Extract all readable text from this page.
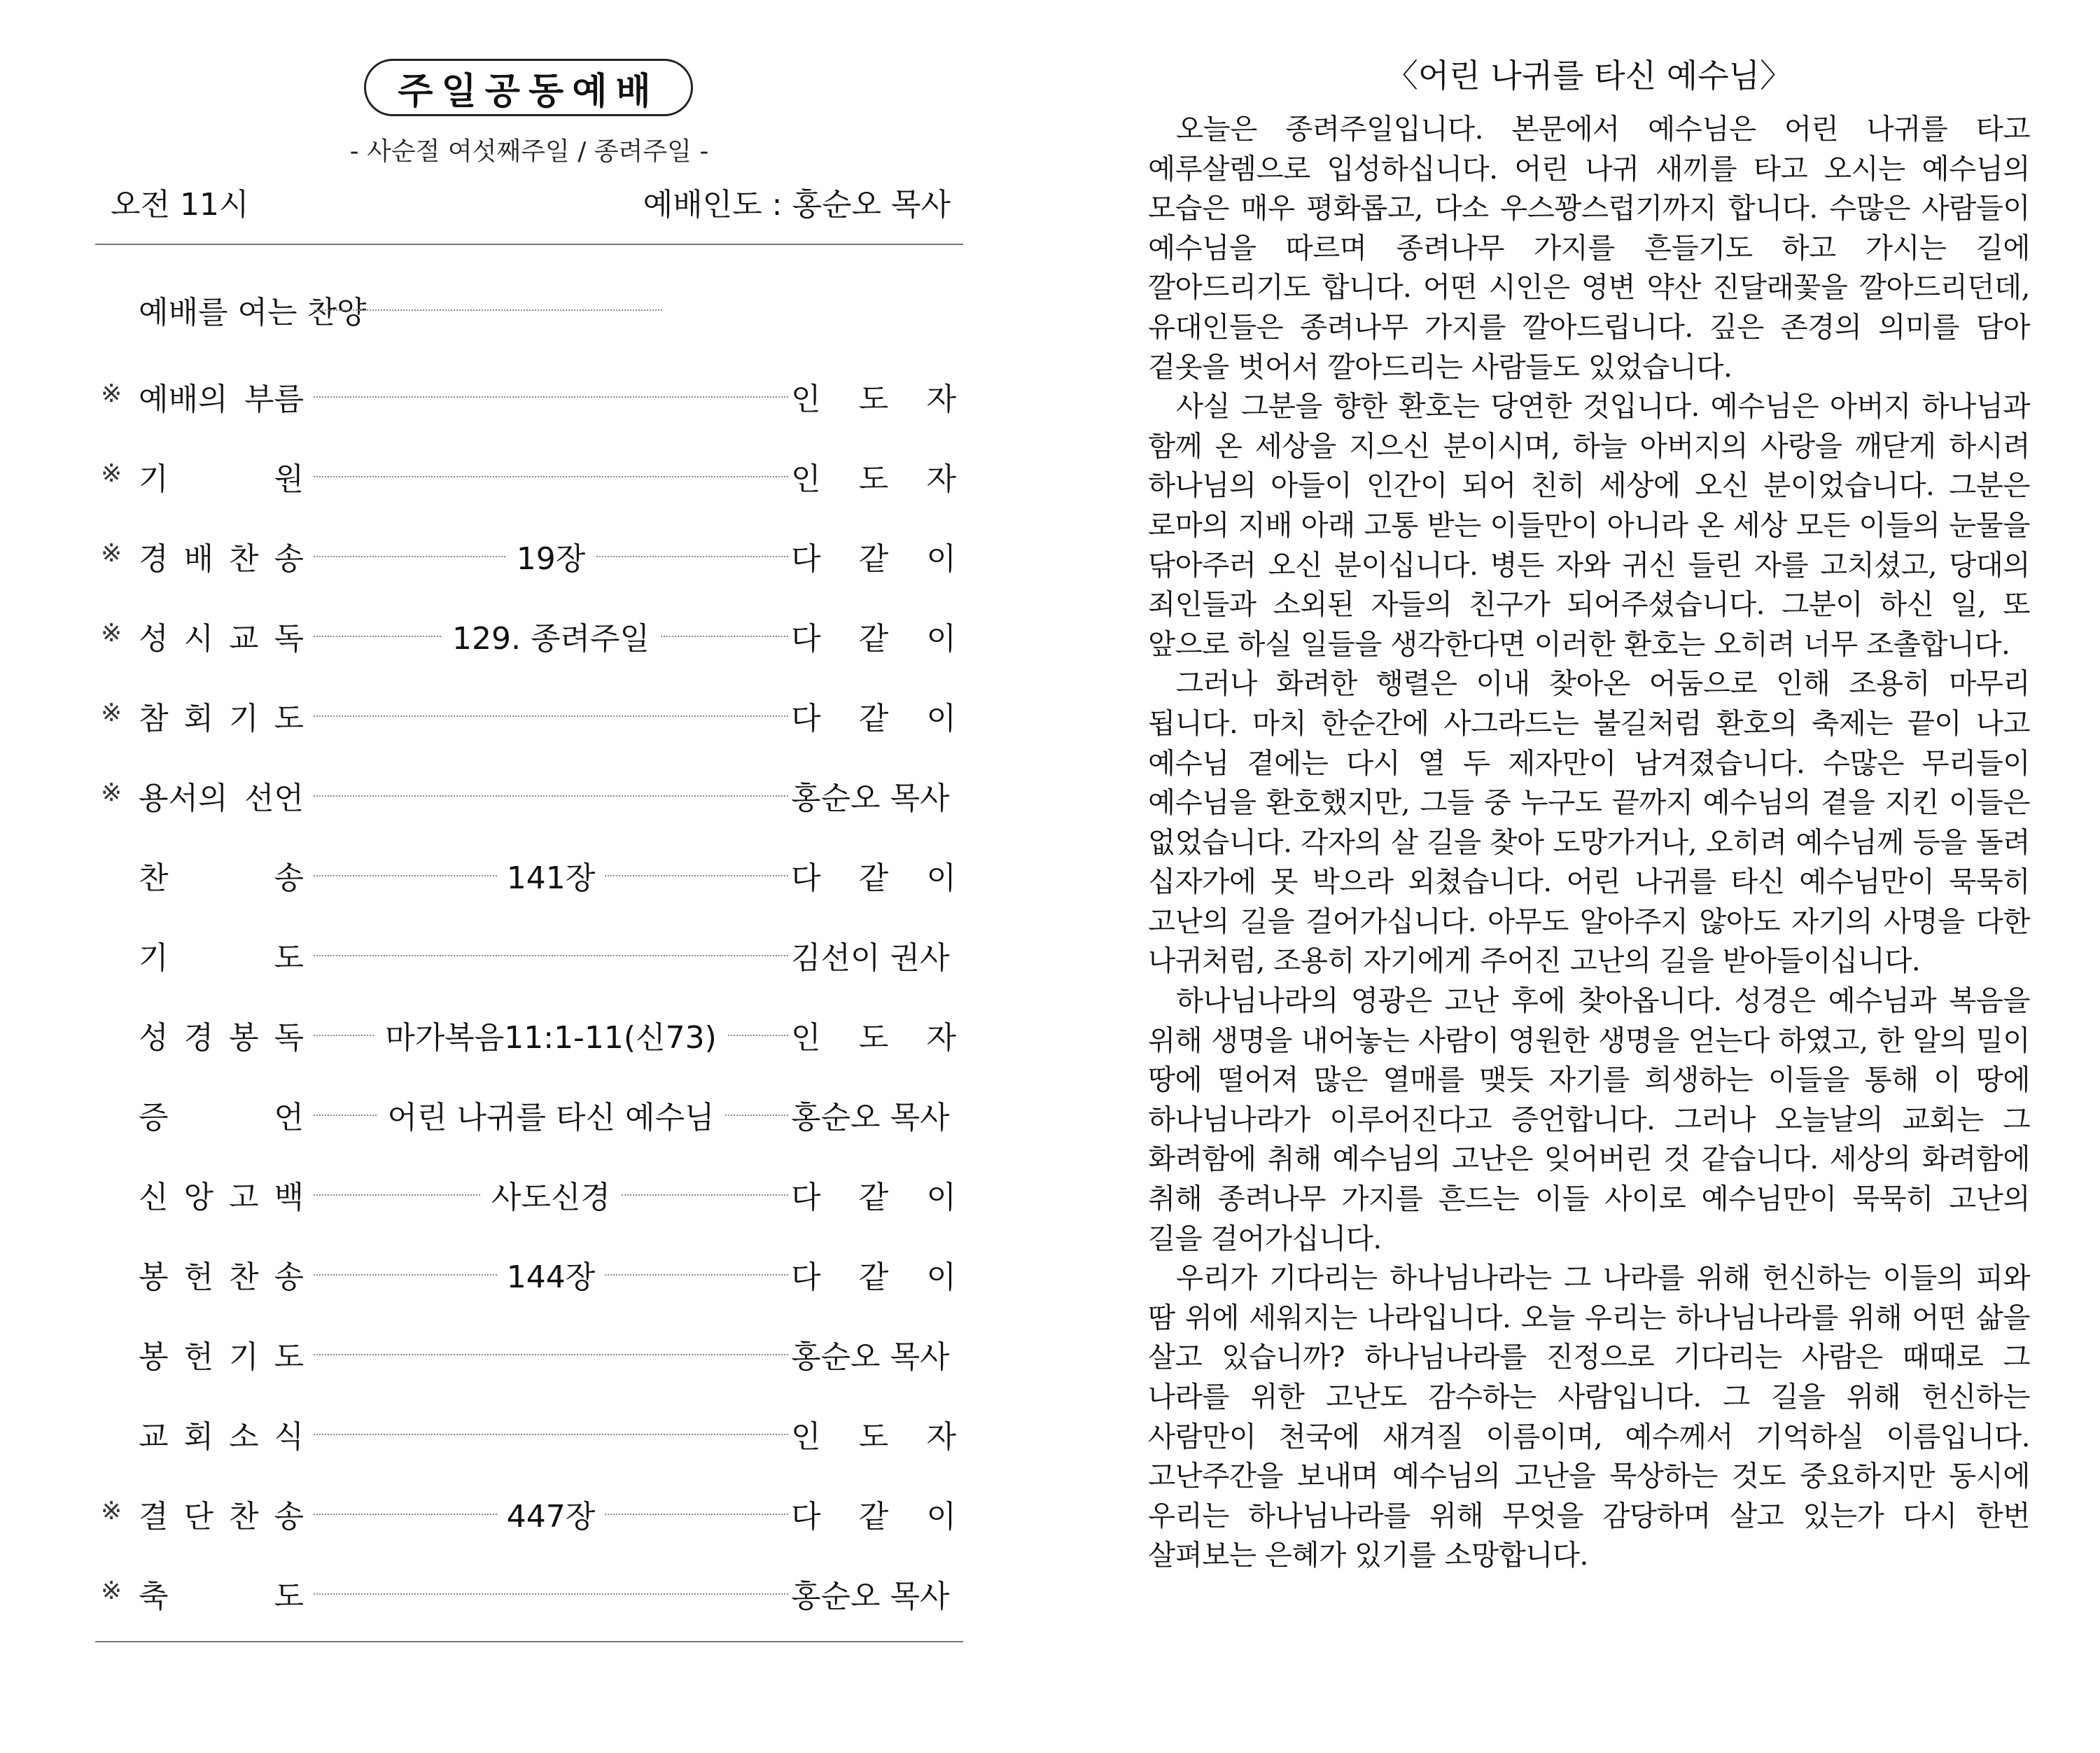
주일공동예배
- 사순절 여섯째주일 / 종려주일 -
오전 11시	예배인도 : 홍순오 목사
예배를 여는 찬양
※ 예배의 부름	인 도 자
※ 기	원	인 도 자
※ 경 배 찬 송	19장	다 같 이
※ 성 시 교 독	129. 종려주일	다 같 이
※ 참 회 기 도	다 같 이
※ 용서의 선언	홍순오 목사
찬	송	141장	다 같 이
기	도	김선이 권사
성 경 봉 독	마가복음11:1-11(신73)	인 도 자
증	언	어린 나귀를 타신 예수님	홍순오 목사
신 앙 고 백	사도신경	다 같 이
봉 헌 찬 송	144장	다 같 이
봉 헌 기 도	홍순오 목사
교 회 소 식	인 도 자
※ 결 단 찬 송	447장	다 같 이
※ 축	도	홍순오 목사
〈어린 나귀를 타신 예수님〉

오늘은 종려주일입니다. 본문에서 예수님은 어린 나귀를 타고 예루살렘으로 입성하십니다. 어린 나귀 새끼를 타고 오시는 예수님의 모습은 매우 평화롭고, 다소 우스꽝스럽기까지 합니다. 수많은 사람들이 예수님을 따르며 종려나무 가지를 흔들기도 하고 가시는 길에 깔아드리기도 합니다. 어떤 시인은 영변 약산 진달래꽃을 깔아드리던데, 유대인들은 종려나무 가지를 깔아드립니다. 깊은 존경의 의미를 담아 겉옷을 벗어서 깔아드리는 사람들도 있었습니다.

사실 그분을 향한 환호는 당연한 것입니다. 예수님은 아버지 하나님과 함께 온 세상을 지으신 분이시며, 하늘 아버지의 사랑을 깨닫게 하시려 하나님의 아들이 인간이 되어 친히 세상에 오신 분이었습니다. 그분은 로마의 지배 아래 고통 받는 이들만이 아니라 온 세상 모든 이들의 눈물을 닦아주러 오신 분이십니다. 병든 자와 귀신 들린 자를 고치셨고, 당대의 죄인들과 소외된 자들의 친구가 되어주셨습니다. 그분이 하신 일, 또 앞으로 하실 일들을 생각한다면 이러한 환호는 오히려 너무 조촐합니다.

그러나 화려한 행렬은 이내 찾아온 어둠으로 인해 조용히 마무리 됩니다. 마치 한순간에 사그라드는 불길처럼 환호의 축제는 끝이 나고 예수님 곁에는 다시 열 두 제자만이 남겨졌습니다. 수많은 무리들이 예수님을 환호했지만, 그들 중 누구도 끝까지 예수님의 곁을 지킨 이들은 없었습니다. 각자의 살 길을 찾아 도망가거나, 오히려 예수님께 등을 돌려 십자가에 못 박으라 외쳤습니다. 어린 나귀를 타신 예수님만이 묵묵히 고난의 길을 걸어가십니다. 아무도 알아주지 않아도 자기의 사명을 다한 나귀처럼, 조용히 자기에게 주어진 고난의 길을 받아들이십니다.

하나님나라의 영광은 고난 후에 찾아옵니다. 성경은 예수님과 복음을 위해 생명을 내어놓는 사람이 영원한 생명을 얻는다 하였고, 한 알의 밀이 땅에 떨어져 많은 열매를 맺듯 자기를 희생하는 이들을 통해 이 땅에 하나님나라가 이루어진다고 증언합니다. 그러나 오늘날의 교회는 그 화려함에 취해 예수님의 고난은 잊어버린 것 같습니다. 세상의 화려함에 취해 종려나무 가지를 흔드는 이들 사이로 예수님만이 묵묵히 고난의 길을 걸어가십니다.

우리가 기다리는 하나님나라는 그 나라를 위해 헌신하는 이들의 피와 땀 위에 세워지는 나라입니다. 오늘 우리는 하나님나라를 위해 어떤 삶을 살고 있습니까? 하나님나라를 진정으로 기다리는 사람은 때때로 그 나라를 위한 고난도 감수하는 사람입니다. 그 길을 위해 헌신하는 사람만이 천국에 새겨질 이름이며, 예수께서 기억하실 이름입니다. 고난주간을 보내며 예수님의 고난을 묵상하는 것도 중요하지만 동시에 우리는 하나님나라를 위해 무엇을 감당하며 살고 있는가 다시 한번 살펴보는 은혜가 있기를 소망합니다.
